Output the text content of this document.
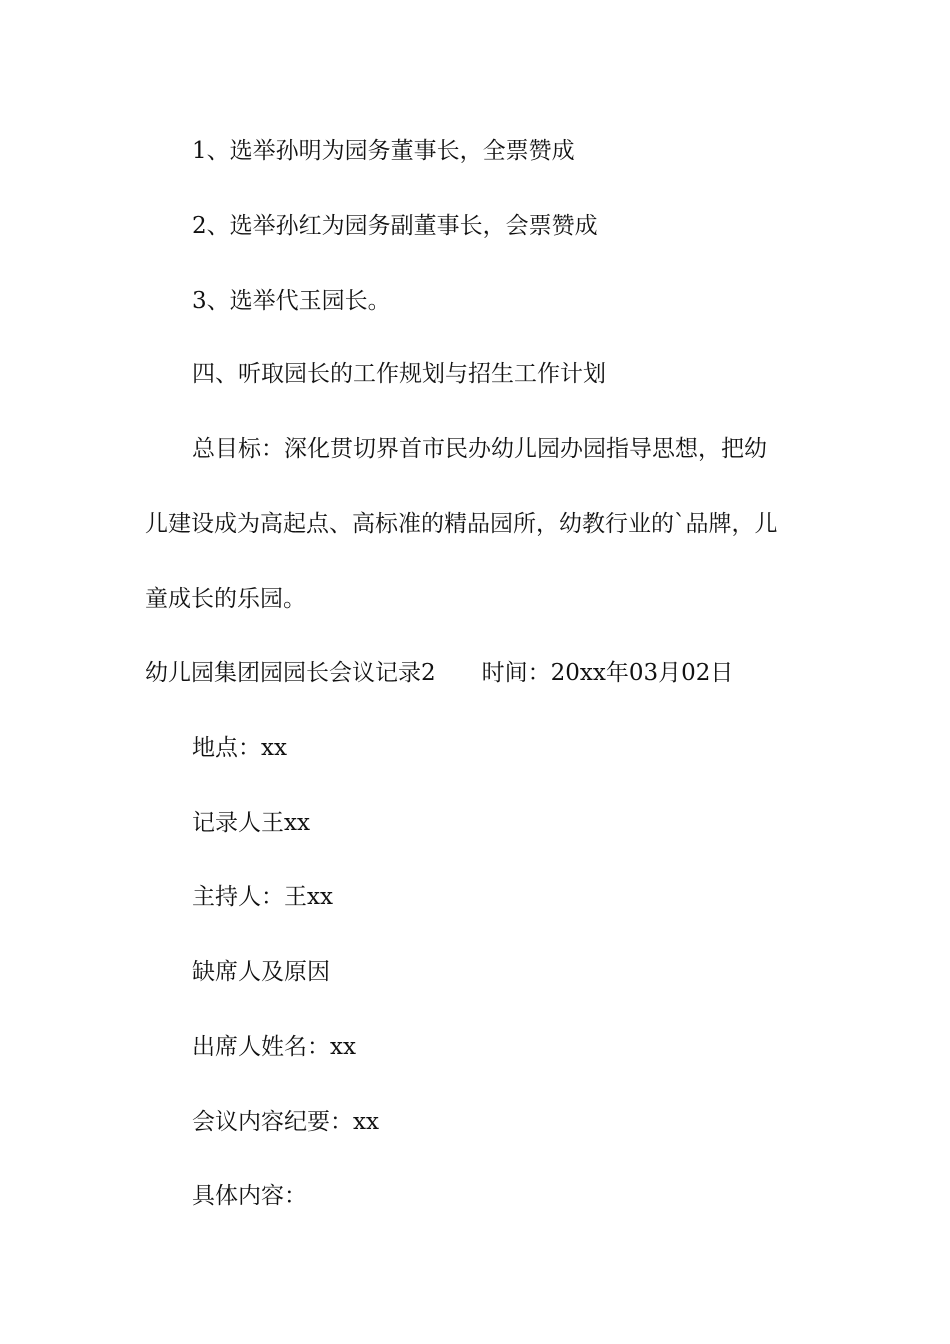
1、选举孙明为园务董事长，全票赞成
2、选举孙红为园务副董事长，会票赞成
3、选举代玉园长。
四、听取园长的工作规划与招生工作计划
总目标：深化贯切界首市民办幼儿园办园指导思想，把幼
儿建设成为高起点、高标准的精品园所，幼教行业的`品牌，儿
童成长的乐园。
幼儿园集团园园长会议记录2　　时间：20xx年03月02日
地点：xx
记录人王xx
主持人：王xx
缺席人及原因
出席人姓名：xx
会议内容纪要：xx
具体内容：
